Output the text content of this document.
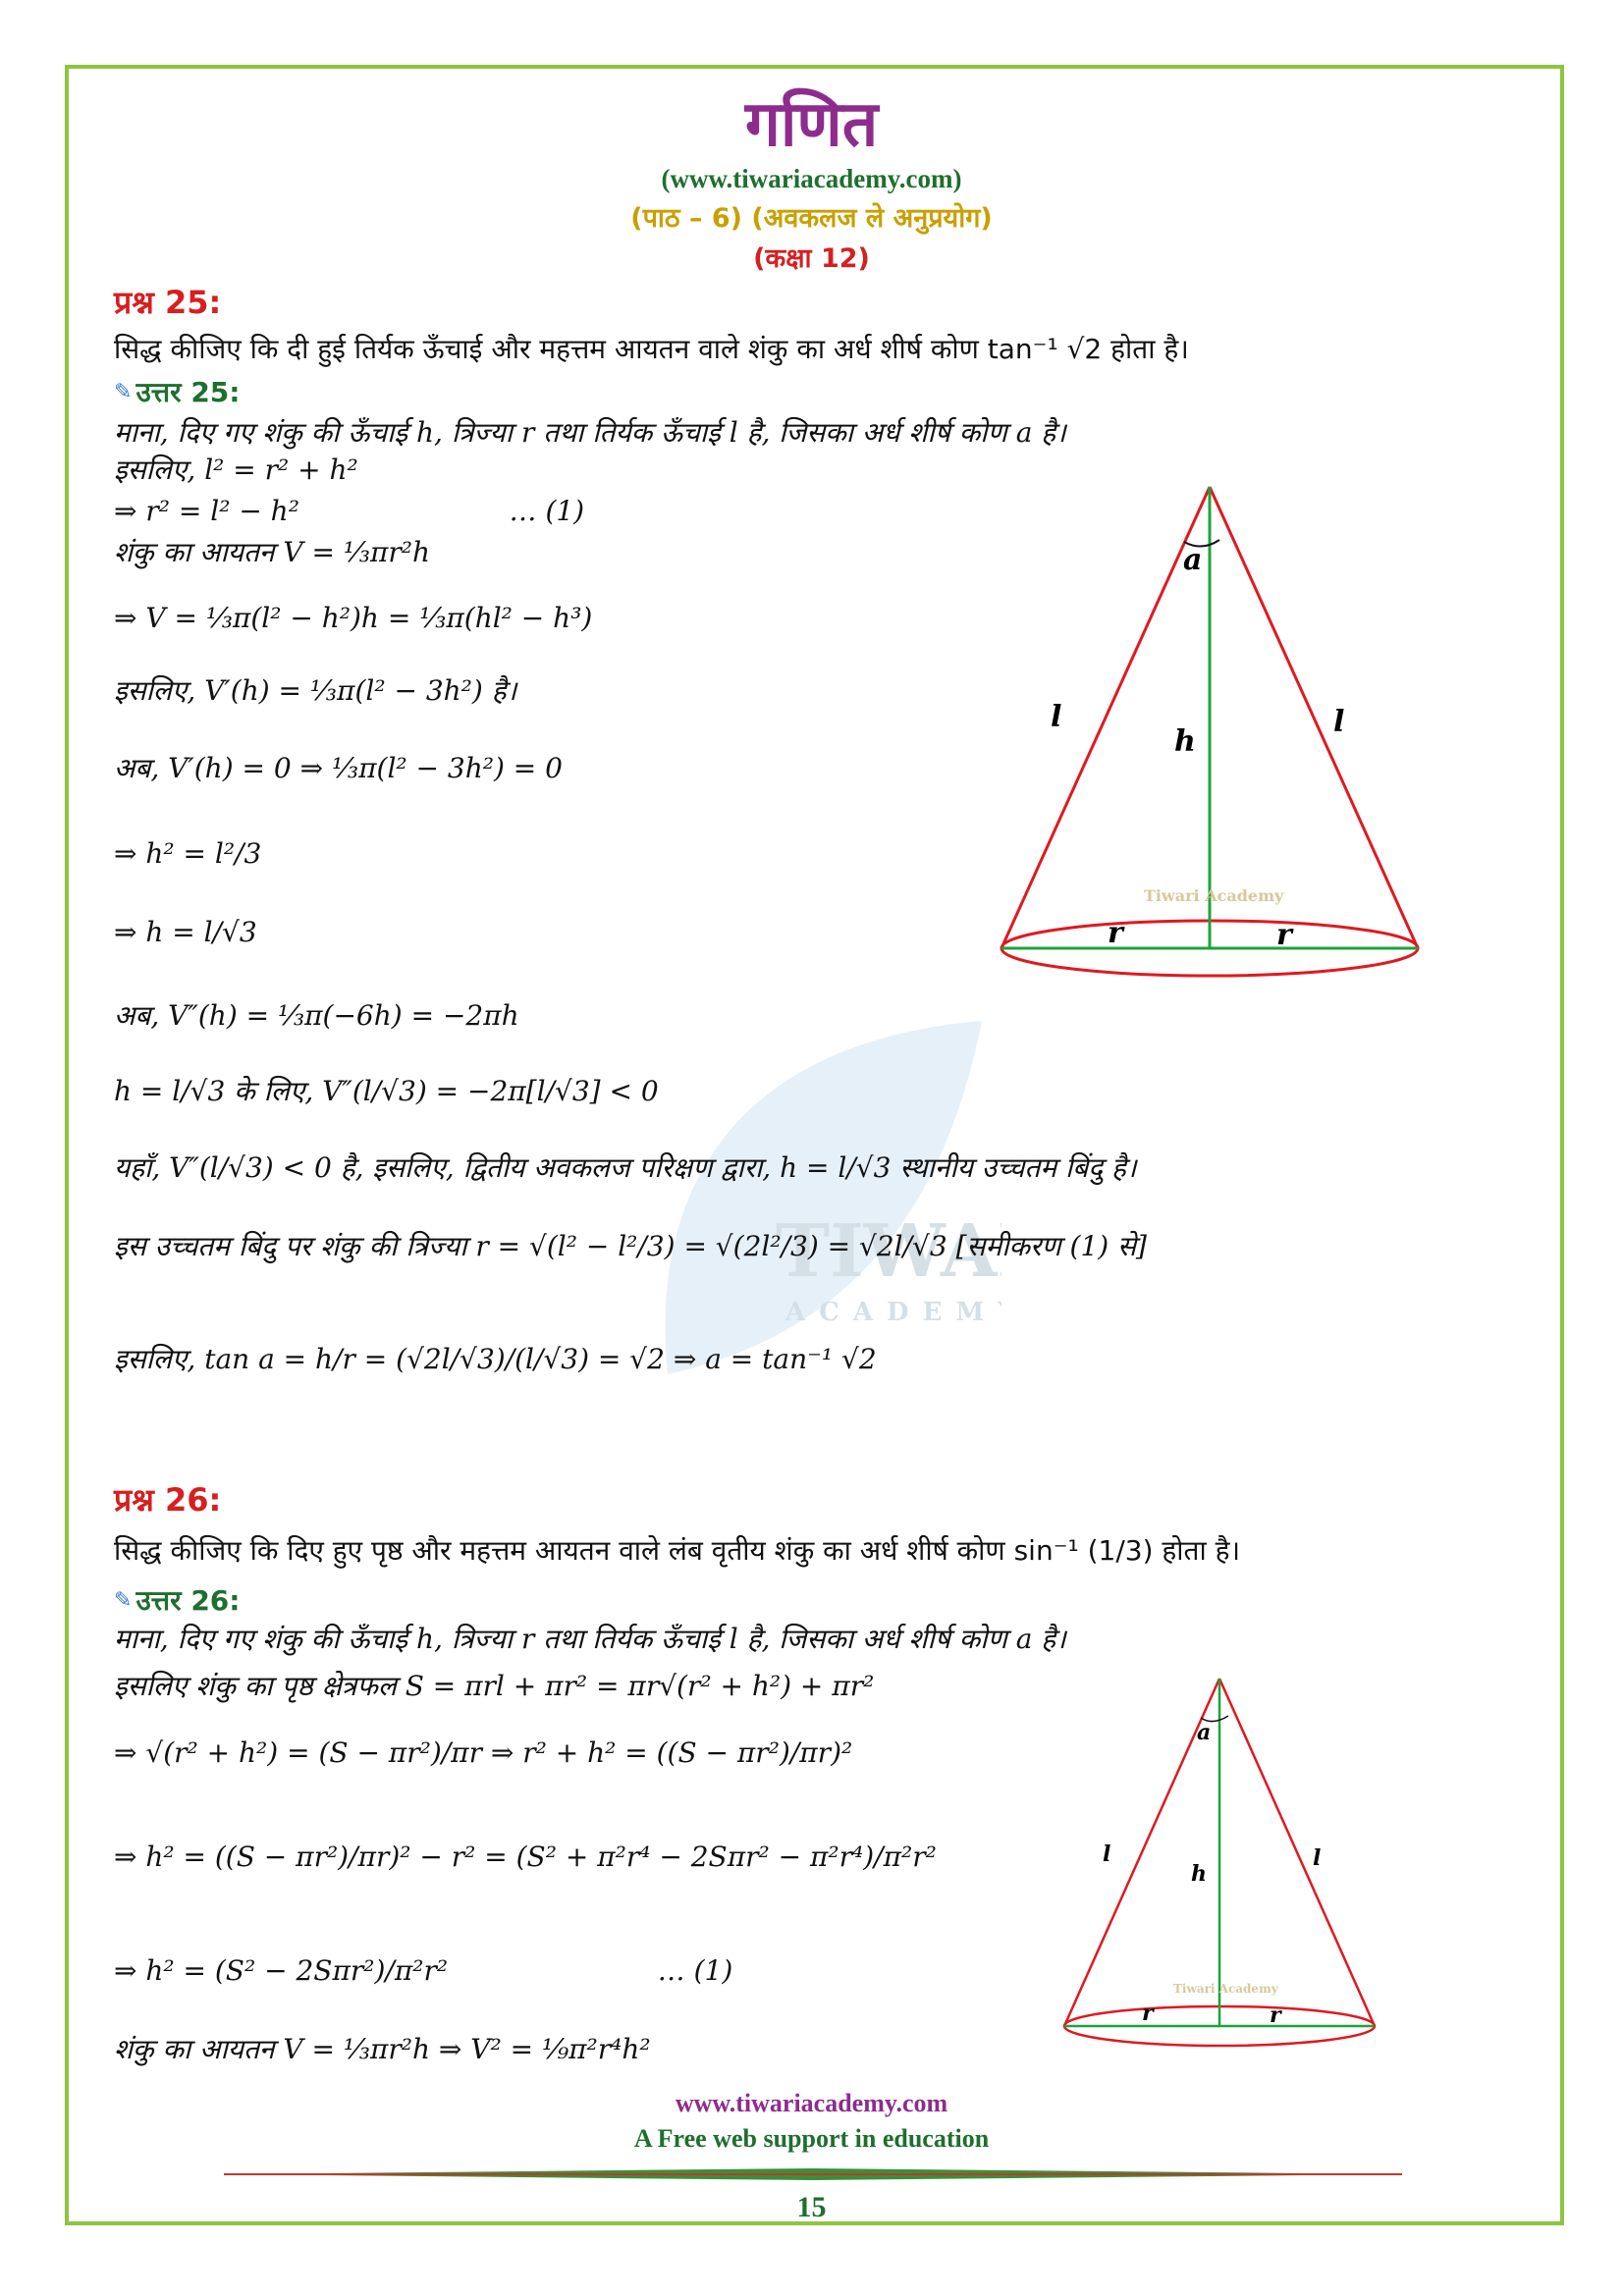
गणित
(www.tiwariacademy.com)
(पाठ – 6) (अवकलज ले अनुप्रयोग)
(कक्षा 12)
TIWA
ACADEM
प्रश्न 25:
सिद्ध कीजिए कि दी हुई तिर्यक ऊँचाई और महत्तम आयतन वाले शंकु का अर्ध शीर्ष कोण tan⁻¹ √2 होता है।
✎ उत्तर 25:
माना, दिए गए शंकु की ऊँचाई h, त्रिज्या r तथा तिर्यक ऊँचाई l है, जिसका अर्ध शीर्ष कोण a है।
इसलिए, l² = r² + h²
⇒ r² = l² − h²                        … (1)
शंकु का आयतन V = ⅓πr²h
⇒ V = ⅓π(l² − h²)h = ⅓π(hl² − h³)
इसलिए, V′(h) = ⅓π(l² − 3h²) है।
अब, V′(h) = 0 ⇒ ⅓π(l² − 3h²) = 0
⇒ h² = l²/3
⇒ h = l/√3
अब, V″(h) = ⅓π(−6h) = −2πh
h = l/√3 के लिए, V″(l/√3) = −2π[l/√3] < 0
यहाँ, V″(l/√3) < 0 है, इसलिए, द्वितीय अवकलज परिक्षण द्वारा, h = l/√3 स्थानीय उच्चतम बिंदु है।
इस उच्चतम बिंदु पर शंकु की त्रिज्या r = √(l² − l²/3) = √(2l²/3) = √2l/√3 [समीकरण (1) से]
इसलिए, tan a = h/r = (√2l/√3)/(l/√3) = √2 ⇒ a = tan⁻¹ √2
a
l	l
h
r	r
Tiwari Academy
प्रश्न 26:
सिद्ध कीजिए कि दिए हुए पृष्ठ और महत्तम आयतन वाले लंब वृतीय शंकु का अर्ध शीर्ष कोण sin⁻¹ (1/3) होता है।
✎ उत्तर 26:
माना, दिए गए शंकु की ऊँचाई h, त्रिज्या r तथा तिर्यक ऊँचाई l है, जिसका अर्ध शीर्ष कोण a है।
इसलिए शंकु का पृष्ठ क्षेत्रफल S = πrl + πr² = πr√(r² + h²) + πr²
⇒ √(r² + h²) = (S − πr²)/πr ⇒ r² + h² = ((S − πr²)/πr)²
⇒ h² = ((S − πr²)/πr)² − r² = (S² + π²r⁴ − 2Sπr² − π²r⁴)/π²r²
⇒ h² = (S² − 2Sπr²)/π²r²                        … (1)
शंकु का आयतन V = ⅓πr²h ⇒ V² = ⅑π²r⁴h²
a
l	l
h
r	r
Tiwari Academy
www.tiwariacademy.com
A Free web support in education
15
